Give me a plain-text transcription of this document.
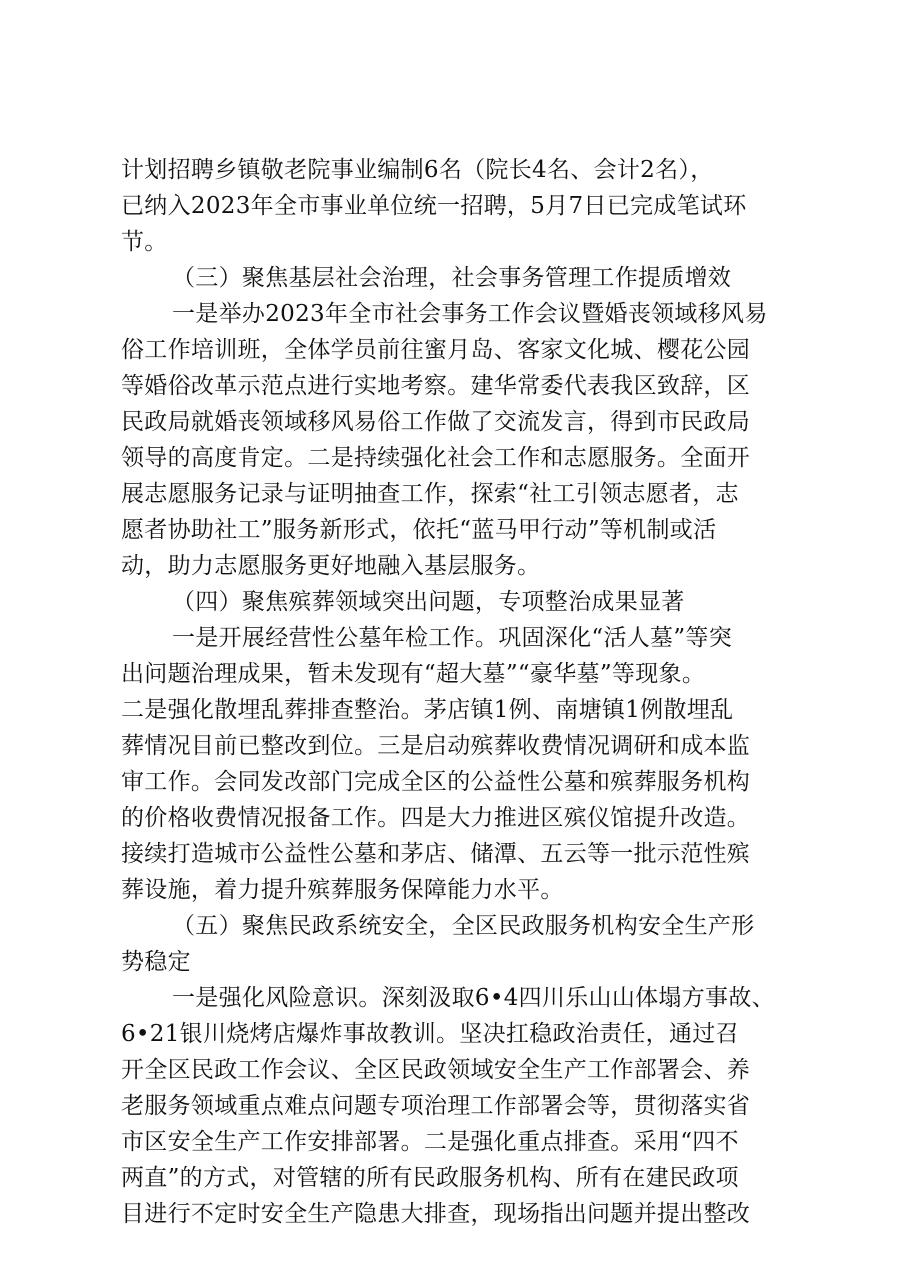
计划招聘乡镇敬老院事业编制6名（院长4名、会计2名），
已纳入2023年全市事业单位统一招聘，5月7日已完成笔试环
节。
（三）聚焦基层社会治理，社会事务管理工作提质增效
一是举办2023年全市社会事务工作会议暨婚丧领域移风易
俗工作培训班，全体学员前往蜜月岛、客家文化城、樱花公园
等婚俗改革示范点进行实地考察。建华常委代表我区致辞，区
民政局就婚丧领域移风易俗工作做了交流发言，得到市民政局
领导的高度肯定。二是持续强化社会工作和志愿服务。全面开
展志愿服务记录与证明抽查工作，探索“社工引领志愿者，志
愿者协助社工”服务新形式，依托“蓝马甲行动”等机制或活
动，助力志愿服务更好地融入基层服务。
（四）聚焦殡葬领域突出问题，专项整治成果显著
一是开展经营性公墓年检工作。巩固深化“活人墓”等突
出问题治理成果，暂未发现有“超大墓”“豪华墓”等现象。
二是强化散埋乱葬排查整治。茅店镇1例、南塘镇1例散埋乱
葬情况目前已整改到位。三是启动殡葬收费情况调研和成本监
审工作。会同发改部门完成全区的公益性公墓和殡葬服务机构
的价格收费情况报备工作。四是大力推进区殡仪馆提升改造。
接续打造城市公益性公墓和茅店、储潭、五云等一批示范性殡
葬设施，着力提升殡葬服务保障能力水平。
（五）聚焦民政系统安全，全区民政服务机构安全生产形
势稳定
一是强化风险意识。深刻汲取6•4四川乐山山体塌方事故、
6•21银川烧烤店爆炸事故教训。坚决扛稳政治责任，通过召
开全区民政工作会议、全区民政领域安全生产工作部署会、养
老服务领域重点难点问题专项治理工作部署会等，贯彻落实省
市区安全生产工作安排部署。二是强化重点排查。采用“四不
两直”的方式，对管辖的所有民政服务机构、所有在建民政项
目进行不定时安全生产隐患大排查，现场指出问题并提出整改
